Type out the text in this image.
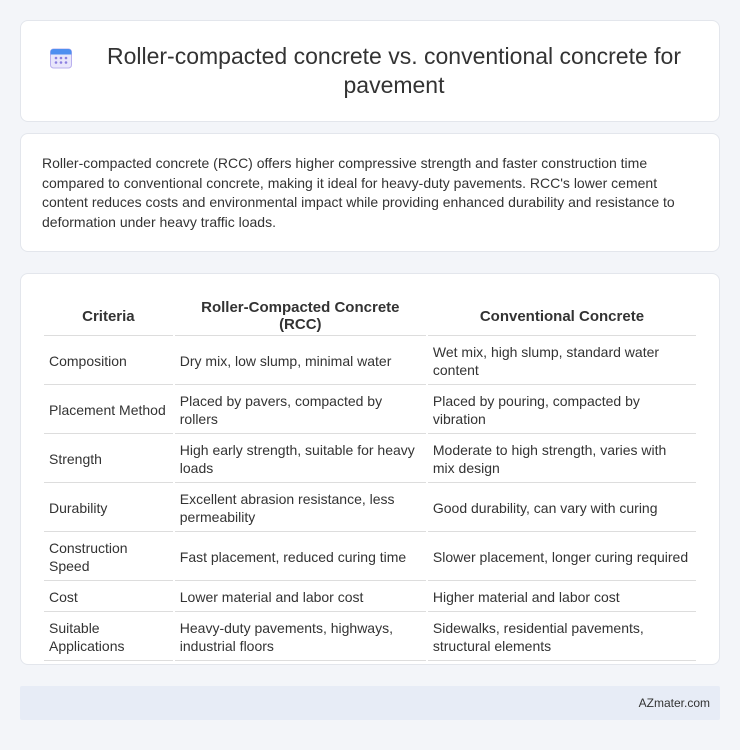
Roller-compacted concrete vs. conventional concrete for pavement

Roller-compacted concrete (RCC) offers higher compressive strength and faster construction time compared to conventional concrete, making it ideal for heavy-duty pavements. RCC's lower cement content reduces costs and environmental impact while providing enhanced durability and resistance to deformation under heavy traffic loads.

Criteria	Roller-Compacted Concrete (RCC)	Conventional Concrete
Composition	Dry mix, low slump, minimal water	Wet mix, high slump, standard water content
Placement Method	Placed by pavers, compacted by rollers	Placed by pouring, compacted by vibration
Strength	High early strength, suitable for heavy loads	Moderate to high strength, varies with mix design
Durability	Excellent abrasion resistance, less permeability	Good durability, can vary with curing
Construction Speed	Fast placement, reduced curing time	Slower placement, longer curing required
Cost	Lower material and labor cost	Higher material and labor cost
Suitable Applications	Heavy-duty pavements, highways, industrial floors	Sidewalks, residential pavements, structural elements
AZmater.com
